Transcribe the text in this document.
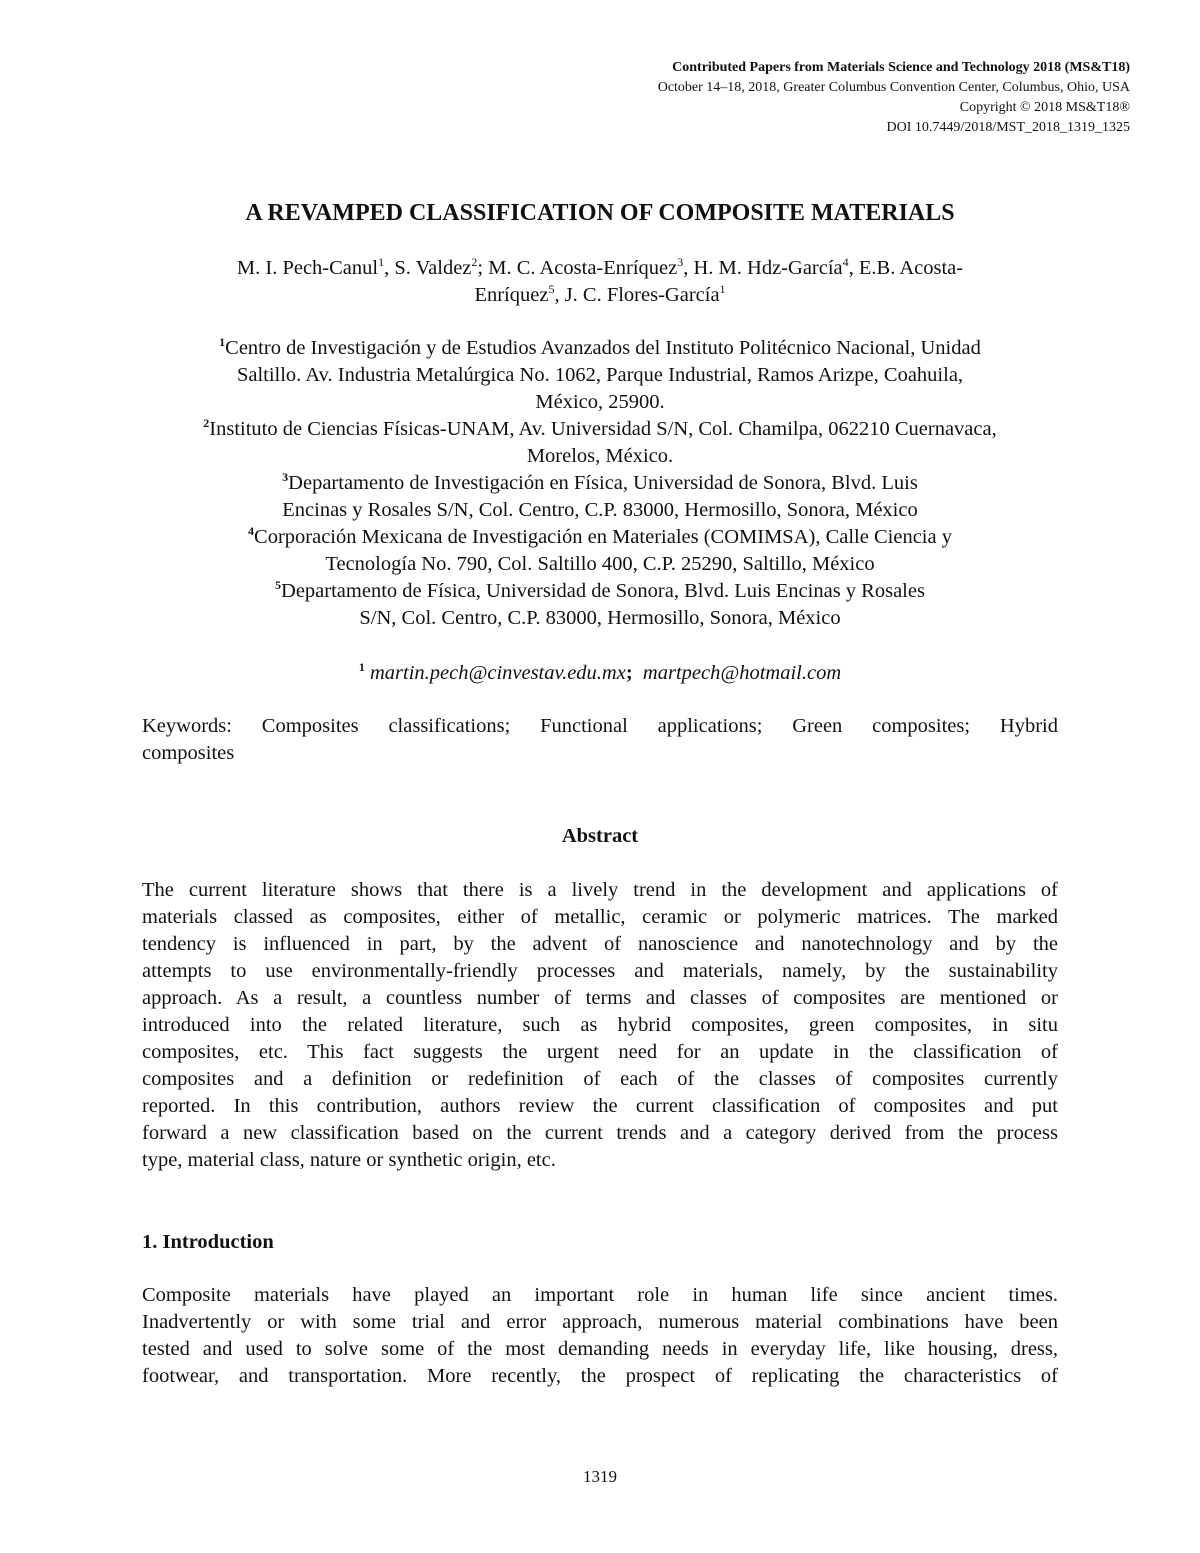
Contributed Papers from Materials Science and Technology 2018 (MS&T18)
October 14–18, 2018, Greater Columbus Convention Center, Columbus, Ohio, USA
Copyright © 2018 MS&T18®
DOI 10.7449/2018/MST_2018_1319_1325
A REVAMPED CLASSIFICATION OF COMPOSITE MATERIALS
M. I. Pech-Canul$^1$, S. Valdez$^2$; M. C. Acosta-Enríquez$^3$, H. M. Hdz-García$^4$, E.B. Acosta-
Enríquez$^5$, J. C. Flores-García$^1$
$^1$Centro de Investigación y de Estudios Avanzados del Instituto Politécnico Nacional, Unidad
Saltillo. Av. Industria Metalúrgica No. 1062, Parque Industrial, Ramos Arizpe, Coahuila,
México, 25900.
$^2$Instituto de Ciencias Físicas-UNAM, Av. Universidad S/N, Col. Chamilpa, 062210 Cuernavaca,
Morelos, México.
$^3$Departamento de Investigación en Física, Universidad de Sonora, Blvd. Luis
Encinas y Rosales S/N, Col. Centro, C.P. 83000, Hermosillo, Sonora, México
$^4$Corporación Mexicana de Investigación en Materiales (COMIMSA), Calle Ciencia y
Tecnología No. 790, Col. Saltillo 400, C.P. 25290, Saltillo, México
$^5$Departamento de Física, Universidad de Sonora, Blvd. Luis Encinas y Rosales
S/N, Col. Centro, C.P. 83000, Hermosillo, Sonora, México
$^1$ martin.pech@cinvestav.edu.mx; martpech@hotmail.com
Keywords: Composites classifications; Functional applications; Green composites; Hybrid
composites
Abstract
The current literature shows that there is a lively trend in the development and applications of
materials classed as composites, either of metallic, ceramic or polymeric matrices. The marked
tendency is influenced in part, by the advent of nanoscience and nanotechnology and by the
attempts to use environmentally-friendly processes and materials, namely, by the sustainability
approach. As a result, a countless number of terms and classes of composites are mentioned or
introduced into the related literature, such as hybrid composites, green composites, in situ
composites, etc. This fact suggests the urgent need for an update in the classification of
composites and a definition or redefinition of each of the classes of composites currently
reported. In this contribution, authors review the current classification of composites and put
forward a new classification based on the current trends and a category derived from the process
type, material class, nature or synthetic origin, etc.
1. Introduction
Composite materials have played an important role in human life since ancient times.
Inadvertently or with some trial and error approach, numerous material combinations have been
tested and used to solve some of the most demanding needs in everyday life, like housing, dress,
footwear, and transportation. More recently, the prospect of replicating the characteristics of
1319
